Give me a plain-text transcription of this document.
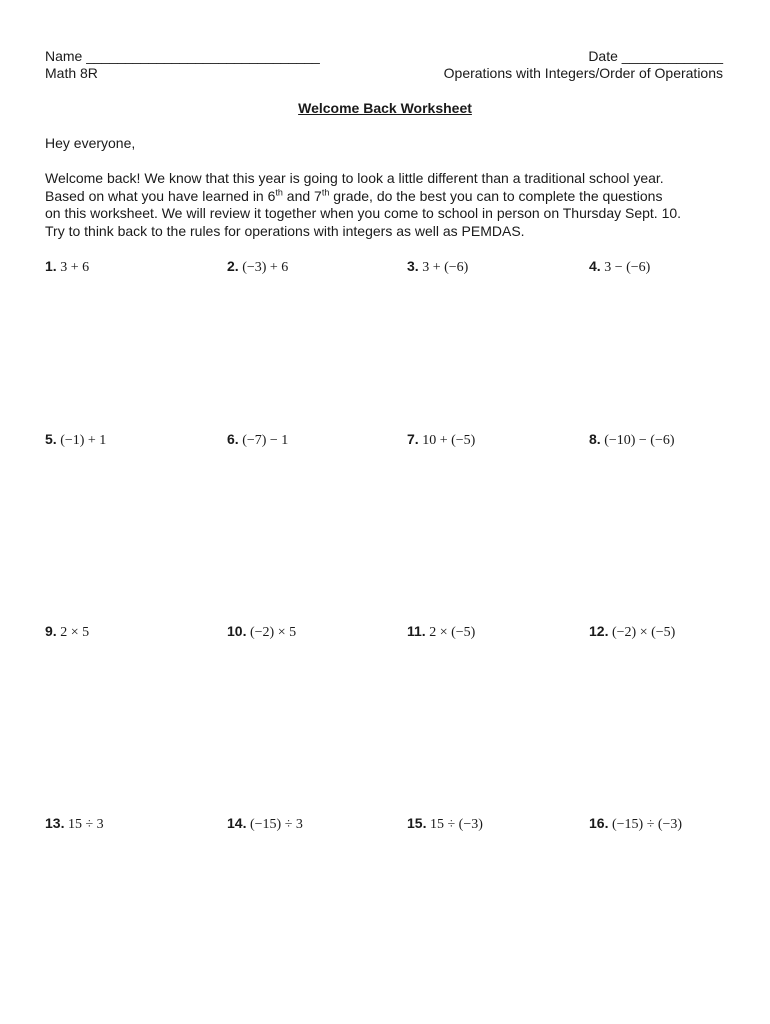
Name ______________________________
Math 8R
Date _____________
Operations with Integers/Order of Operations
Welcome Back Worksheet
Hey everyone,
Welcome back! We know that this year is going to look a little different than a traditional school year.
Based on what you have learned in 6th and 7th grade, do the best you can to complete the questions
on this worksheet. We will review it together when you come to school in person on Thursday Sept. 10.
Try to think back to the rules for operations with integers as well as PEMDAS.
1. 3 + 6	2. (−3) + 6	3. 3 + (−6)	4. 3 − (−6)
5. (−1) + 1	6. (−7) − 1	7. 10 + (−5)	8. (−10) − (−6)
9. 2 × 5	10. (−2) × 5	11. 2 × (−5)	12. (−2) × (−5)
13. 15 ÷ 3	14. (−15) ÷ 3	15. 15 ÷ (−3)	16. (−15) ÷ (−3)
